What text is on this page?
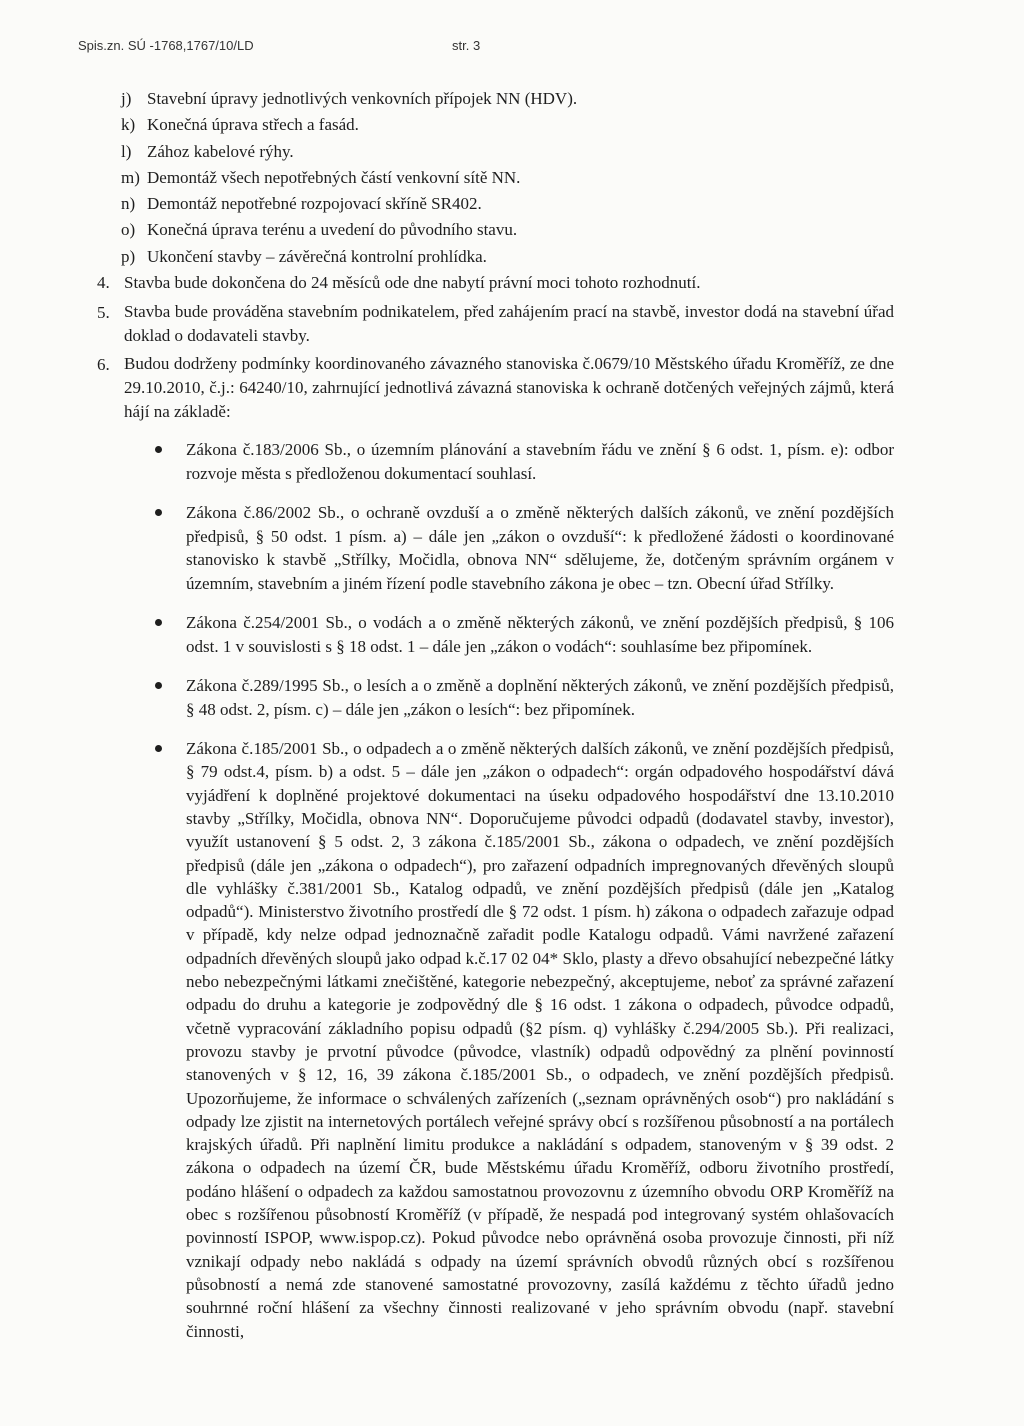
Spis.zn. SÚ -1768,1767/10/LD	str. 3
j) Stavební úpravy jednotlivých venkovních přípojek NN (HDV).
k) Konečná úprava střech a fasád.
l) Zához kabelové rýhy.
m) Demontáž všech nepotřebných částí venkovní sítě NN.
n) Demontáž nepotřebné rozpojovací skříně SR402.
o) Konečná úprava terénu a uvedení do původního stavu.
p) Ukončení stavby – závěrečná kontrolní prohlídka.
4. Stavba bude dokončena do 24 měsíců ode dne nabytí právní moci tohoto rozhodnutí.
5. Stavba bude prováděna stavebním podnikatelem, před zahájením prací na stavbě, investor dodá na stavební úřad doklad o dodavateli stavby.
6. Budou dodrženy podmínky koordinovaného závazného stanoviska č.0679/10 Městského úřadu Kroměříž, ze dne 29.10.2010, č.j.: 64240/10, zahrnující jednotlivá závazná stanoviska k ochraně dotčených veřejných zájmů, která hájí na základě:
Zákona č.183/2006 Sb., o územním plánování a stavebním řádu ve znění § 6 odst. 1, písm. e): odbor rozvoje města s předloženou dokumentací souhlasí.
Zákona č.86/2002 Sb., o ochraně ovzduší a o změně některých dalších zákonů, ve znění pozdějších předpisů, § 50 odst. 1 písm. a) – dále jen „zákon o ovzduší“: k předložené žádosti o koordinované stanovisko k stavbě „Střílky, Močidla, obnova NN“ sdělujeme, že, dotčeným správním orgánem v územním, stavebním a jiném řízení podle stavebního zákona je obec – tzn. Obecní úřad Střílky.
Zákona č.254/2001 Sb., o vodách a o změně některých zákonů, ve znění pozdějších předpisů, § 106 odst. 1 v souvislosti s § 18 odst. 1 – dále jen „zákon o vodách“: souhlasíme bez připomínek.
Zákona č.289/1995 Sb., o lesích a o změně a doplnění některých zákonů, ve znění pozdějších předpisů, § 48 odst. 2, písm. c) – dále jen „zákon o lesích“: bez připomínek.
Zákona č.185/2001 Sb., o odpadech a o změně některých dalších zákonů, ve znění pozdějších předpisů, § 79 odst.4, písm. b) a odst. 5 – dále jen „zákon o odpadech“: orgán odpadového hospodářství dává vyjádření k doplněné projektové dokumentaci na úseku odpadového hospodářství dne 13.10.2010 stavby „Střílky, Močidla, obnova NN“. Doporučujeme původci odpadů (dodavatel stavby, investor), využít ustanovení § 5 odst. 2, 3 zákona č.185/2001 Sb., zákona o odpadech, ve znění pozdějších předpisů (dále jen „zákona o odpadech“), pro zařazení odpadních impregnovaných dřevěných sloupů dle vyhlášky č.381/2001 Sb., Katalog odpadů, ve znění pozdějších předpisů (dále jen „Katalog odpadů“). Ministerstvo životního prostředí dle § 72 odst. 1 písm. h) zákona o odpadech zařazuje odpad v případě, kdy nelze odpad jednoznačně zařadit podle Katalogu odpadů. Vámi navržené zařazení odpadních dřevěných sloupů jako odpad k.č.17 02 04* Sklo, plasty a dřevo obsahující nebezpečné látky nebo nebezpečnými látkami znečištěné, kategorie nebezpečný, akceptujeme, neboť za správné zařazení odpadu do druhu a kategorie je zodpovědný dle § 16 odst. 1 zákona o odpadech, původce odpadů, včetně vypracování základního popisu odpadů (§2 písm. q) vyhlášky č.294/2005 Sb.). Při realizaci, provozu stavby je prvotní původce (původce, vlastník) odpadů odpovědný za plnění povinností stanovených v § 12, 16, 39 zákona č.185/2001 Sb., o odpadech, ve znění pozdějších předpisů. Upozorňujeme, že informace o schválených zařízeních („seznam oprávněných osob“) pro nakládání s odpady lze zjistit na internetových portálech veřejné správy obcí s rozšířenou působností a na portálech krajských úřadů. Při naplnění limitu produkce a nakládání s odpadem, stanoveným v § 39 odst. 2 zákona o odpadech na území ČR, bude Městskému úřadu Kroměříž, odboru životního prostředí, podáno hlášení o odpadech za každou samostatnou provozovnu z územního obvodu ORP Kroměříž na obec s rozšířenou působností Kroměříž (v případě, že nespadá pod integrovaný systém ohlašovacích povinností ISPOP, www.ispop.cz). Pokud původce nebo oprávněná osoba provozuje činnosti, při níž vznikají odpady nebo nakládá s odpady na území správních obvodů různých obcí s rozšířenou působností a nemá zde stanovené samostatné provozovny, zasílá každému z těchto úřadů jedno souhrnné roční hlášení za všechny činnosti realizované v jeho správním obvodu (např. stavební činnosti,
